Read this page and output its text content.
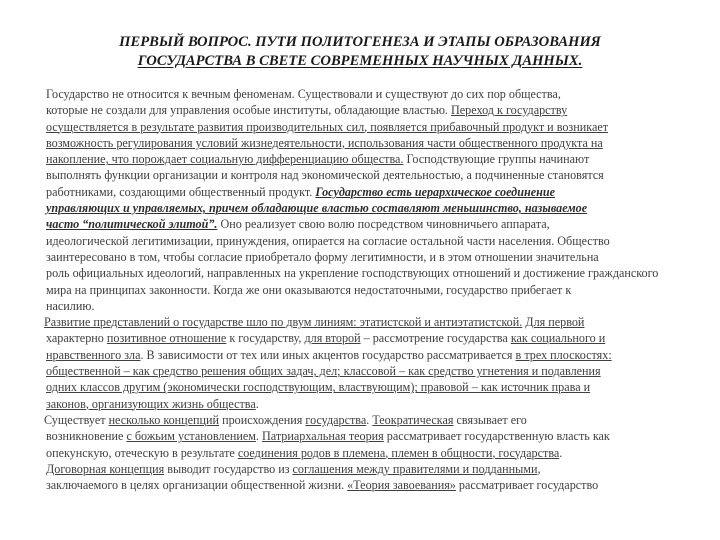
ПЕРВЫЙ ВОПРОС. ПУТИ ПОЛИТОГЕНЕЗА И ЭТАПЫ ОБРАЗОВАНИЯ
ГОСУДАРСТВА В СВЕТЕ СОВРЕМЕННЫХ НАУЧНЫХ ДАННЫХ.
Государство не относится к вечным феноменам. Существовали и существуют до сих пор общества,
которые не создали для управления особые институты, обладающие властью. Переход к государству
осуществляется в результате развития производительных сил, появляется прибавочный продукт и возникает
возможность регулирования условий жизнедеятельности, использования части общественного продукта на
накопление, что порождает социальную дифференциацию общества. Господствующие группы начинают
выполнять функции организации и контроля над экономической деятельностью, а подчиненные становятся
работниками, создающими общественный продукт. Государство есть иерархическое соединение
управляющих и управляемых, причем обладающие властью составляют меньшинство, называемое
часто “политической элитой”. Оно реализует свою волю посредством чиновничьего аппарата,
идеологической легитимизации, принуждения, опирается на согласие остальной части населения. Общество
заинтересовано в том, чтобы согласие приобретало форму легитимности, и в этом отношении значительна
роль официальных идеологий, направленных на укрепление господствующих отношений и достижение гражданского
мира на принципах законности. Когда же они оказываются недостаточными, государство прибегает к
насилию.
Развитие представлений о государстве шло по двум линиям: этатистской и антиэтатистской. Для первой
характерно позитивное отношение к государству, для второй – рассмотрение государства как социального и
нравственного зла. В зависимости от тех или иных акцентов государство рассматривается в трех плоскостях:
общественной – как средство решения общих задач, дел; классовой – как средство угнетения и подавления
одних классов другим (экономически господствующим, властвующим); правовой – как источник права и
законов, организующих жизнь общества.
Существует несколько концепций происхождения государства. Теократическая связывает его
возникновение с божьим установлением. Патриархальная теория рассматривает государственную власть как
опекунскую, отеческую в результате соединения родов в племена, племен в общности, государства.
Договорная концепция выводит государство из соглашения между правителями и подданными,
заключаемого в целях организации общественной жизни. «Теория завоевания» рассматривает государство
